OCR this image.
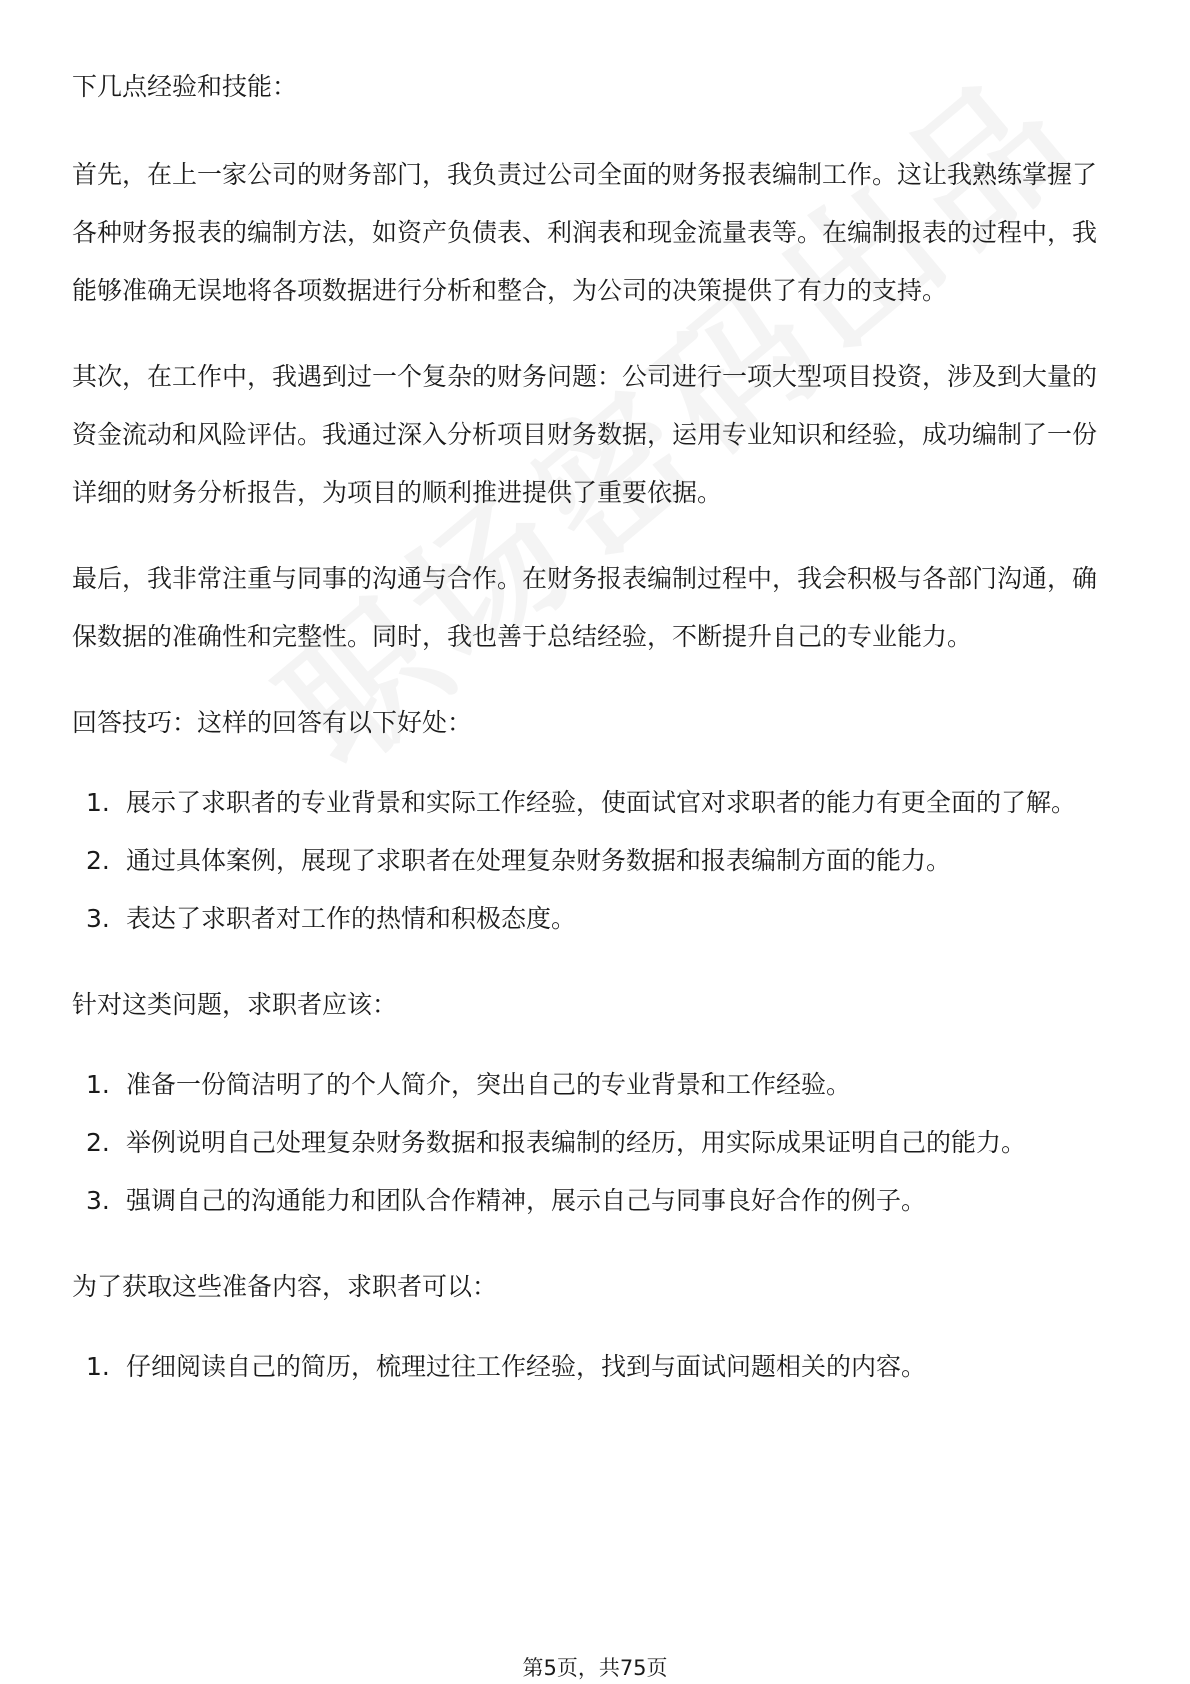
下几点经验和技能：

首先，在上一家公司的财务部门，我负责过公司全面的财务报表编制工作。这让我熟练掌握了各种财务报表的编制方法，如资产负债表、利润表和现金流量表等。在编制报表的过程中，我能够准确无误地将各项数据进行分析和整合，为公司的决策提供了有力的支持。

其次，在工作中，我遇到过一个复杂的财务问题：公司进行一项大型项目投资，涉及到大量的资金流动和风险评估。我通过深入分析项目财务数据，运用专业知识和经验，成功编制了一份详细的财务分析报告，为项目的顺利推进提供了重要依据。

最后，我非常注重与同事的沟通与合作。在财务报表编制过程中，我会积极与各部门沟通，确保数据的准确性和完整性。同时，我也善于总结经验，不断提升自己的专业能力。

回答技巧：这样的回答有以下好处：

1. 展示了求职者的专业背景和实际工作经验，使面试官对求职者的能力有更全面的了解。
2. 通过具体案例，展现了求职者在处理复杂财务数据和报表编制方面的能力。
3. 表达了求职者对工作的热情和积极态度。

针对这类问题，求职者应该：

1. 准备一份简洁明了的个人简介，突出自己的专业背景和工作经验。
2. 举例说明自己处理复杂财务数据和报表编制的经历，用实际成果证明自己的能力。
3. 强调自己的沟通能力和团队合作精神，展示自己与同事良好合作的例子。

为了获取这些准备内容，求职者可以：

1. 仔细阅读自己的简历，梳理过往工作经验，找到与面试问题相关的内容。
第5页，共75页
